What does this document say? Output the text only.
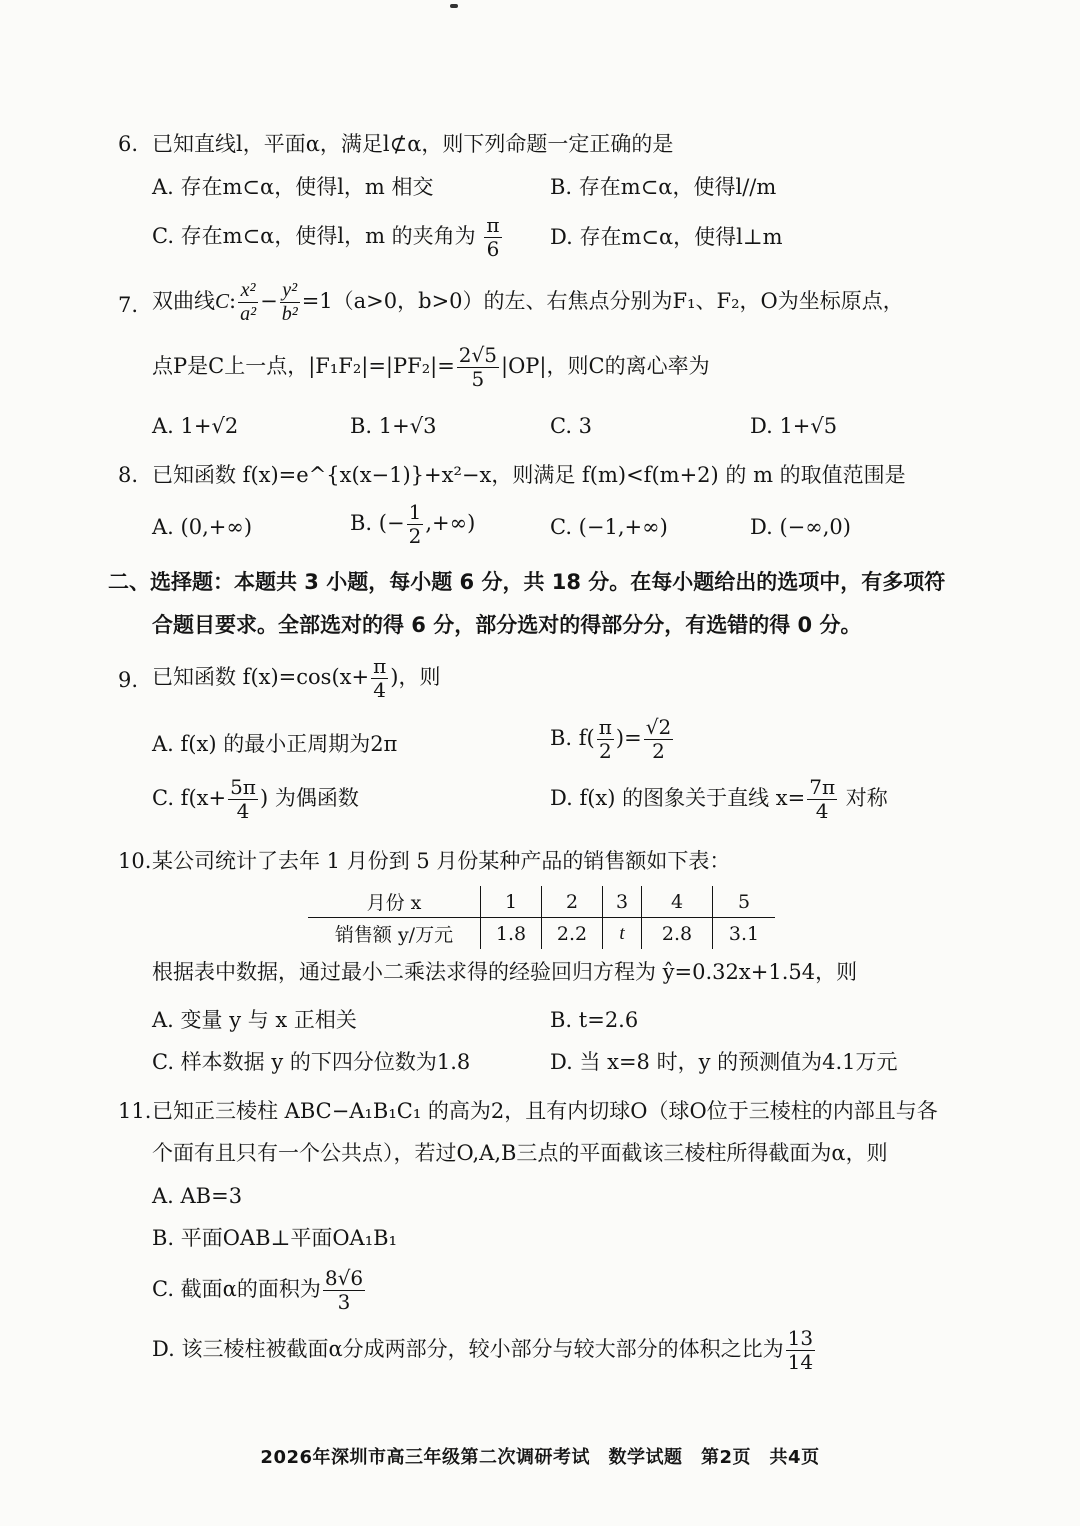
6. 已知直线l，平面α，满足l⊄α，则下列命题一定正确的是
A. 存在m⊂α，使得l，m 相交	B. 存在m⊂α，使得l//m
C. 存在m⊂α，使得l，m 的夹角为 $\frac{\pi}{6} D$. 存在m⊂α，使得l⊥m
7. 双曲线C: $\frac{\text{x²}}{\text{a²}} - \frac{\text{y²}}{\text{b²}} =1(a>0$，b>0）的左、右焦点分别为F₁、F₂，O为坐标原点，
点P是C上一点，$|F_1F_2|=|PF_2|= \frac{2√5}{5} |OP|$，则C的离心率为
A. 1+√2	B. 1+√3	C. 3	D. 1+√5
8. 已知函数 f(x)=e^{x(x−1)}+x²−x，则满足 f(m)<f(m+2) 的 m 的取值范围是
A. (0,+∞)	B. (− $\frac{1}{2}$ ,+∞)	C. (−1,+∞)	D. (−∞,0)
二、选择题：本题共 3 小题，每小题 6 分，共 18 分。在每小题给出的选项中，有多项符
合题目要求。全部选对的得 6 分，部分选对的得部分分，有选错的得 0 分。
9. 已知函数 $f(x)=\cos(x+ \frac{\pi}{4}$ )，则
A. f(x) 的最小正周期为2π	B. $f( \frac{\pi}{2}$ )= $\frac{√2}{2}$
C. $f(x+ \frac{5\pi}{4}$ ) 为偶函数	D. f(x) 的图象关于直线 $x= \frac{7\pi}{4}$ 对称
10. 某公司统计了去年 1 月份到 5 月份某种产品的销售额如下表：
月份 x	1	2	3	4	5
销售额 y/万元	1.8	2.2	t	2.8	3.1
根据表中数据，通过最小二乘法求得的经验回归方程为 ŷ=0.32x+1.54，则
A. 变量 y 与 x 正相关	B. t=2.6
C. 样本数据 y 的下四分位数为1.8	D. 当 x=8 时，y 的预测值为4.1万元
11. 已知正三棱柱 ABC−A₁B₁C₁ 的高为2，且有内切球O（球O位于三棱柱的内部且与各
个面有且只有一个公共点），若过O,A,B三点的平面截该三棱柱所得截面为α，则
A. AB=3
B. 平面OAB⊥平面OA₁B₁
C. 截面α的面积为 $\frac{8√6}{3}$
D. 该三棱柱被截面α分成两部分，较小部分与较大部分的体积之比为 $\frac{13}{14}$
2026年深圳市高三年级第二次调研考试　数学试题　第2页　共4页
